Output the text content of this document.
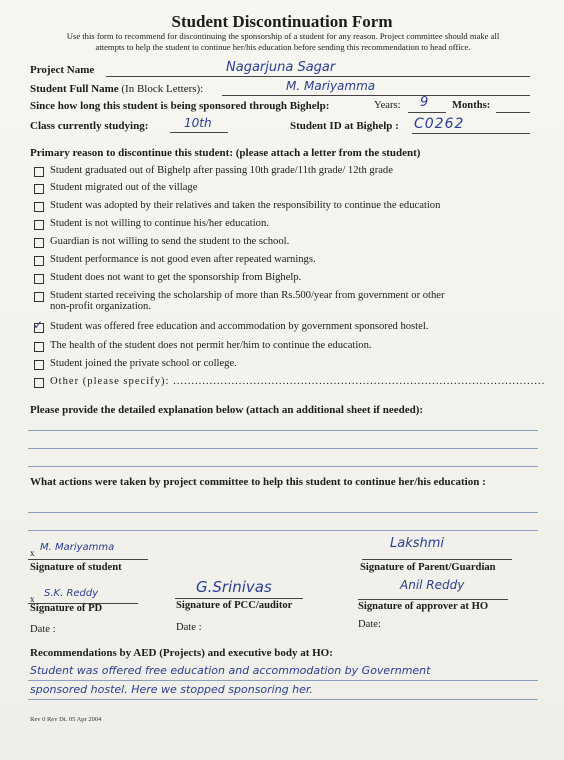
Student Discontinuation Form
Use this form to recommend for discontinuing the sponsorship of a student for any reason. Project committee should make all
attempts to help the student to continue her/his education before sending this recommendation to head office.
Project Name	Nagarjuna Sagar
Student Full Name (In Block Letters):	M. Mariyamma
Since how long this student is being sponsored through Bighelp:	Years: 9 Months:
Class currently studying:	10th	Student ID at Bighelp : C0262
Primary reason to discontinue this student: (please attach a letter from the student)
Student graduated out of Bighelp after passing 10th grade/11th grade/ 12th grade
Student migrated out of the village
Student was adopted by their relatives and taken the responsibility to continue the education
Student is not willing to continue his/her education.
Guardian is not willing to send the student to the school.
Student performance is not good even after repeated warnings.
Student does not want to get the sponsorship from Bighelp.
Student started receiving the scholarship of more than Rs.500/year from government or other
non-profit organization.
✓ Student was offered free education and accommodation by government sponsored hostel.
The health of the student does not permit her/him to continue the education.
Student joined the private school or college.
Other (please specify): ......................................................................................................
Please provide the detailed explanation below (attach an additional sheet if needed):
What actions were taken by project committee to help this student to continue her/his education :
x M. Mariyamma
Signature of student
Lakshmi
Signature of Parent/Guardian
x S.K. Reddy
Signature of PD
G.Srinivas
Signature of PCC/auditor
Anil Reddy
Signature of approver at HO
Date :	Date :	Date:
Recommendations by AED (Projects) and executive body at HO:
Student was offered free education and accommodation by Government
sponsored hostel. Here we stopped sponsoring her.
Rev 0 Rev Dt. 05 Apr 2004
